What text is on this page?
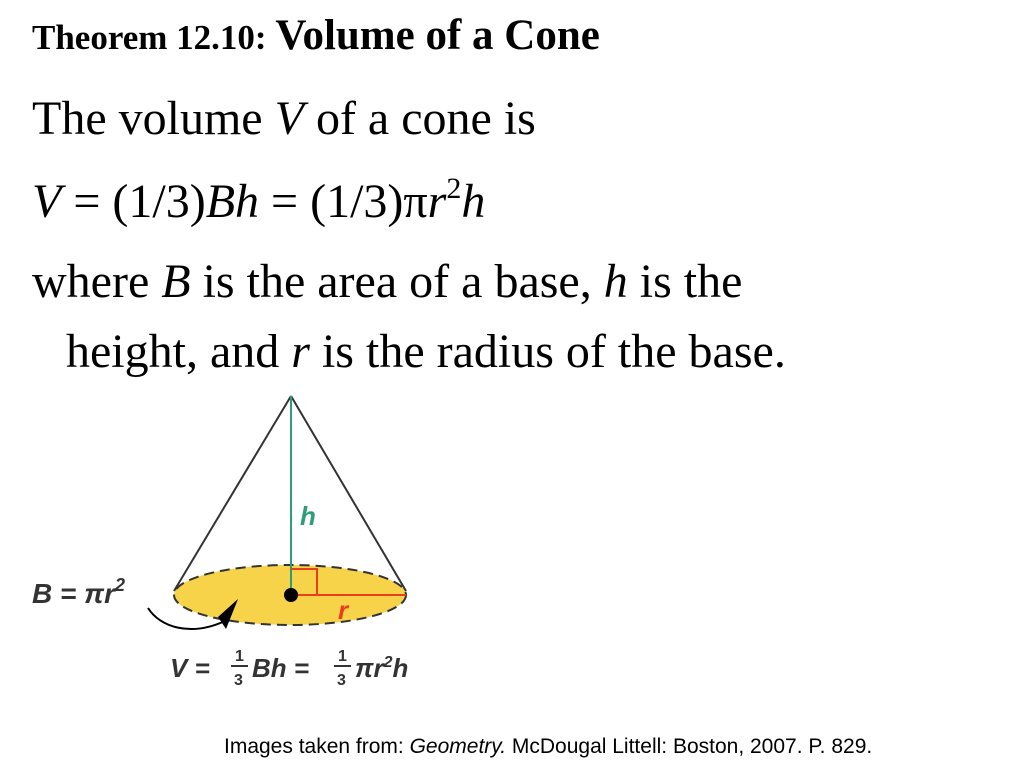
Theorem 12.10: Volume of a Cone
The volume V of a cone is
$V = (1/3)Bh = (1/3)\pi r^2h$
where B is the area of a base, h is the
height, and r is the radius of the base.
h
r
$B = \pi r^2$
V = 1
3 Bh = 1
3 $\pi r^2h$
Images taken from: Geometry. McDougal Littell: Boston, 2007. P. 829.
